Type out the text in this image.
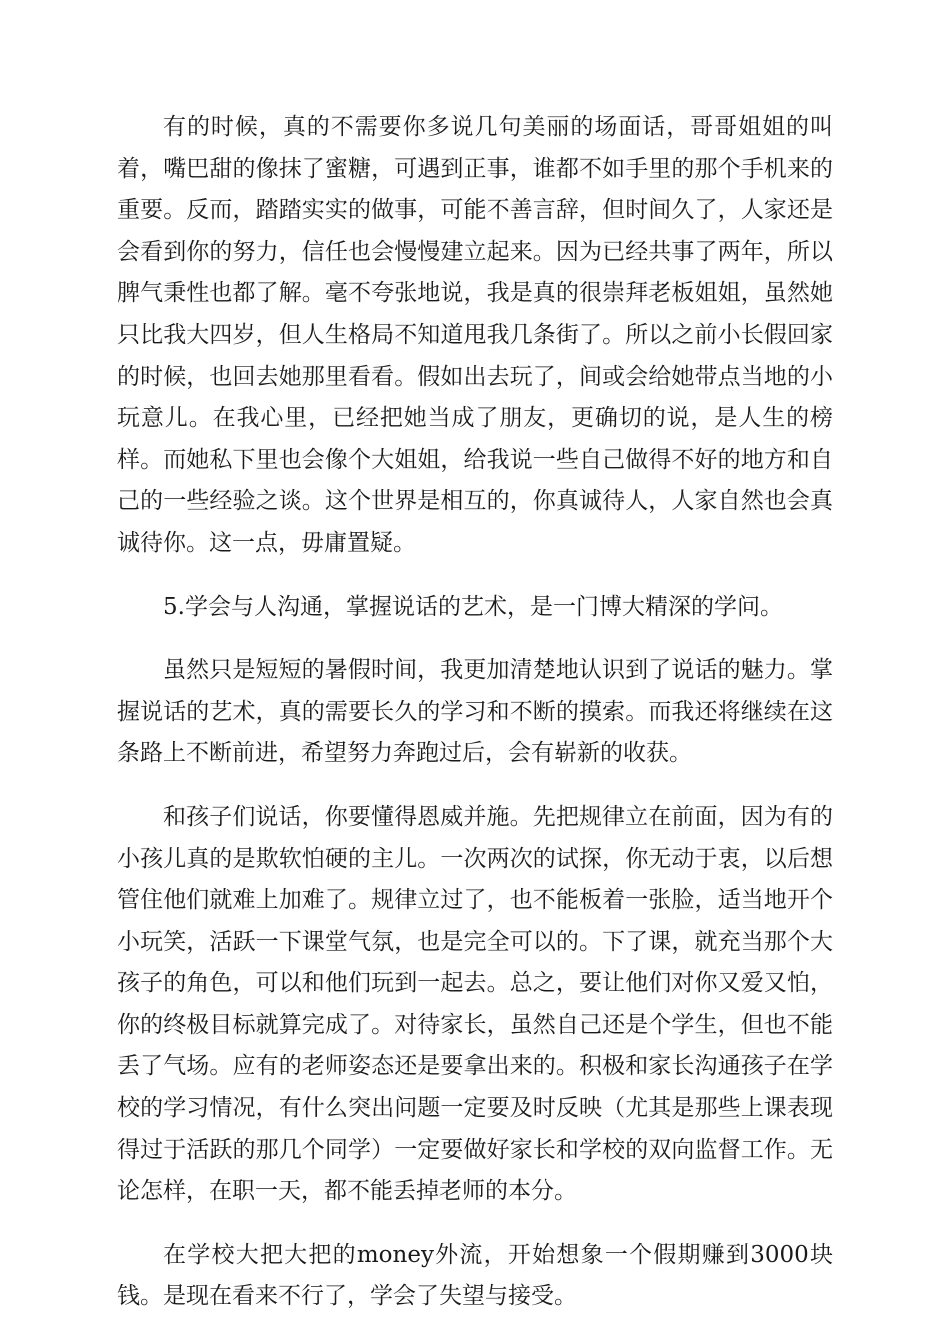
有的时候，真的不需要你多说几句美丽的场面话，哥哥姐姐的叫着，嘴巴甜的像抹了蜜糖，可遇到正事，谁都不如手里的那个手机来的重要。反而，踏踏实实的做事，可能不善言辞，但时间久了，人家还是会看到你的努力，信任也会慢慢建立起来。因为已经共事了两年，所以脾气秉性也都了解。毫不夸张地说，我是真的很崇拜老板姐姐，虽然她只比我大四岁，但人生格局不知道甩我几条街了。所以之前小长假回家的时候，也回去她那里看看。假如出去玩了，间或会给她带点当地的小玩意儿。在我心里，已经把她当成了朋友，更确切的说，是人生的榜样。而她私下里也会像个大姐姐，给我说一些自己做得不好的地方和自己的一些经验之谈。这个世界是相互的，你真诚待人，人家自然也会真诚待你。这一点，毋庸置疑。

5.学会与人沟通，掌握说话的艺术，是一门博大精深的学问。

虽然只是短短的暑假时间，我更加清楚地认识到了说话的魅力。掌握说话的艺术，真的需要长久的学习和不断的摸索。而我还将继续在这条路上不断前进，希望努力奔跑过后，会有崭新的收获。

和孩子们说话，你要懂得恩威并施。先把规律立在前面，因为有的小孩儿真的是欺软怕硬的主儿。一次两次的试探，你无动于衷，以后想管住他们就难上加难了。规律立过了，也不能板着一张脸，适当地开个小玩笑，活跃一下课堂气氛，也是完全可以的。下了课，就充当那个大孩子的角色，可以和他们玩到一起去。总之，要让他们对你又爱又怕，你的终极目标就算完成了。对待家长，虽然自己还是个学生，但也不能丢了气场。应有的老师姿态还是要拿出来的。积极和家长沟通孩子在学校的学习情况，有什么突出问题一定要及时反映（尤其是那些上课表现得过于活跃的那几个同学）一定要做好家长和学校的双向监督工作。无论怎样，在职一天，都不能丢掉老师的本分。

在学校大把大把的money外流，开始想象一个假期赚到3000块钱。是现在看来不行了，学会了失望与接受。
